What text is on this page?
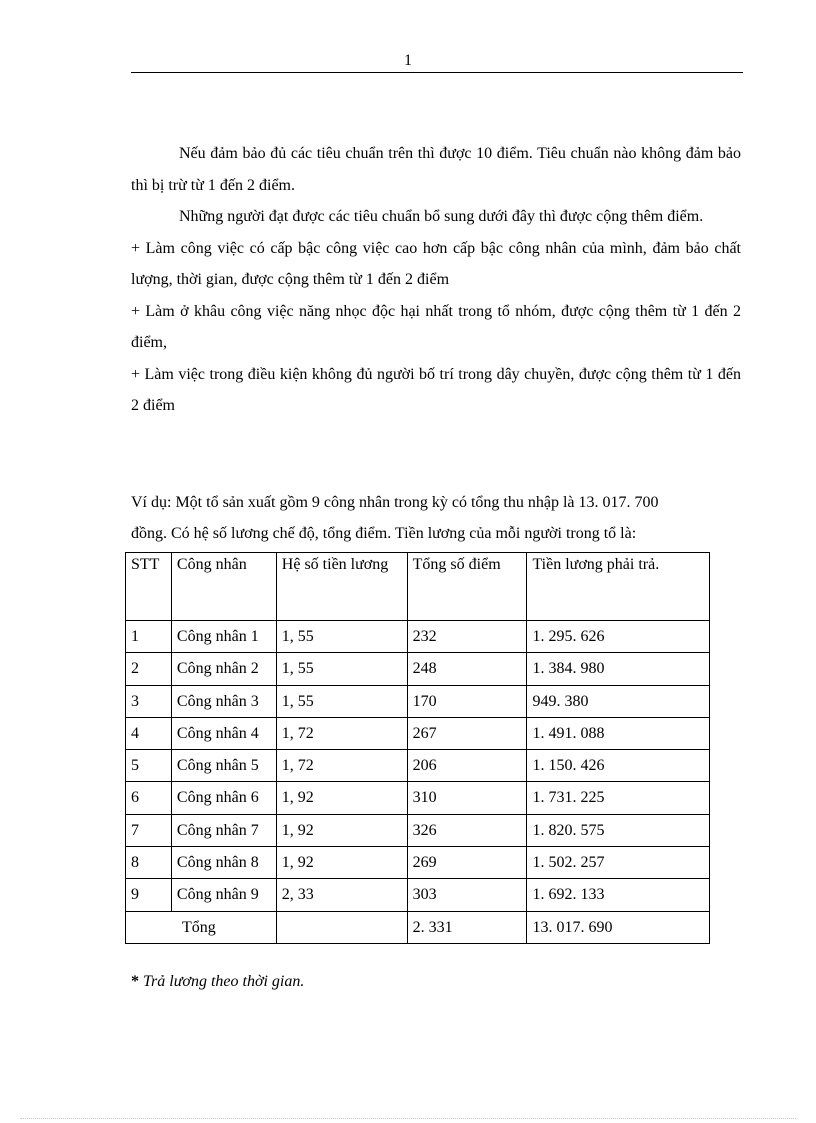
1

Nếu đảm bảo đủ các tiêu chuẩn trên thì được 10 điểm. Tiêu chuẩn nào không đảm bảo thì bị trừ từ 1 đến 2 điểm.

Những người đạt được các tiêu chuẩn bổ sung dưới đây thì được cộng thêm điểm.

+ Làm công việc có cấp bậc công việc cao hơn cấp bậc công nhân của mình, đảm bảo chất lượng, thời gian, được cộng thêm từ 1 đến 2 điểm

+ Làm ở khâu công việc năng nhọc độc hại nhất trong tổ nhóm, được cộng thêm từ 1 đến 2 điểm,

+ Làm việc trong điều kiện không đủ người bố trí trong dây chuyền, được cộng thêm từ 1 đến 2 điểm

Ví dụ: Một tổ sản xuất gồm 9 công nhân trong kỳ có tổng thu nhập là 13. 017. 700

đồng. Có hệ số lương chế độ, tổng điểm. Tiền lương của mỗi người trong tổ là:

STT	Công nhân	Hệ số tiền lương	Tổng số điểm	Tiền lương phải trả.
1	Công nhân 1	1, 55	232	1. 295. 626
2	Công nhân 2	1, 55	248	1. 384. 980
3	Công nhân 3	1, 55	170	949. 380
4	Công nhân 4	1, 72	267	1. 491. 088
5	Công nhân 5	1, 72	206	1. 150. 426
6	Công nhân 6	1, 92	310	1. 731. 225
7	Công nhân 7	1, 92	326	1. 820. 575
8	Công nhân 8	1, 92	269	1. 502. 257
9	Công nhân 9	2, 33	303	1. 692. 133
Tổng			2. 331	13. 017. 690
* Trả lương theo thời gian.
